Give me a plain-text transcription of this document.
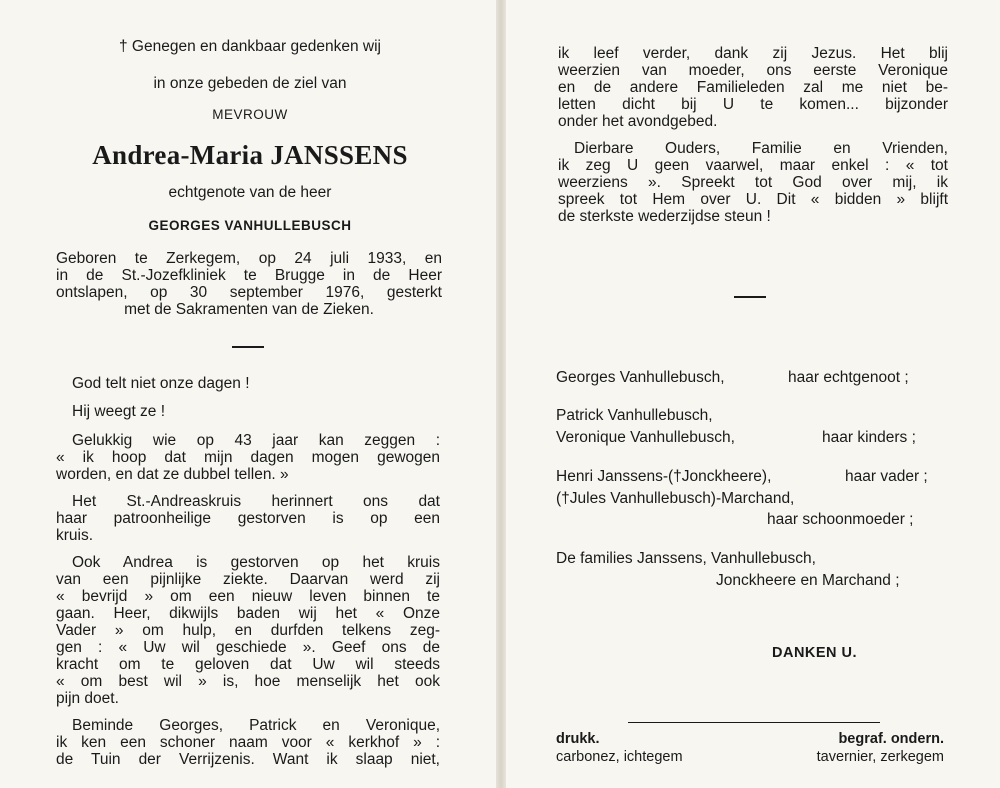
† Genegen en dankbaar gedenken wij
in onze gebeden de ziel van
MEVROUW
Andrea-Maria JANSSENS
echtgenote van de heer
GEORGES VANHULLEBUSCH
Geboren te Zerkegem, op 24 juli 1933, en
in de St.-Jozefkliniek te Brugge in de Heer
ontslapen, op 30 september 1976, gesterkt
met de Sakramenten van de Zieken.
God telt niet onze dagen !
Hij weegt ze !
Gelukkig wie op 43 jaar kan zeggen :
« ik hoop dat mijn dagen mogen gewogen
worden, en dat ze dubbel tellen. »
Het St.-Andreaskruis herinnert ons dat
haar patroonheilige gestorven is op een
kruis.
Ook Andrea is gestorven op het kruis
van een pijnlijke ziekte. Daarvan werd zij
« bevrijd » om een nieuw leven binnen te
gaan. Heer, dikwijls baden wij het « Onze
Vader » om hulp, en durfden telkens zeg-
gen : « Uw wil geschiede ». Geef ons de
kracht om te geloven dat Uw wil steeds
« om best wil » is, hoe menselijk het ook
pijn doet.
Beminde Georges, Patrick en Veronique,
ik ken een schoner naam voor « kerkhof » :
de Tuin der Verrijzenis. Want ik slaap niet,
ik leef verder, dank zij Jezus. Het blij
weerzien van moeder, ons eerste Veronique
en de andere Familieleden zal me niet be-
letten dicht bij U te komen... bijzonder
onder het avondgebed.
Dierbare Ouders, Familie en Vrienden,
ik zeg U geen vaarwel, maar enkel : « tot
weerziens ». Spreekt tot God over mij, ik
spreek tot Hem over U. Dit « bidden » blijft
de sterkste wederzijdse steun !
Georges Vanhullebusch,	haar echtgenoot ;
Patrick Vanhullebusch,
Veronique Vanhullebusch,	haar kinders ;
Henri Janssens-(†Jonckheere),	haar vader ;
(†Jules Vanhullebusch)-Marchand,
haar schoonmoeder ;
De families Janssens, Vanhullebusch,
Jonckheere en Marchand ;
DANKEN U.
drukk.
carbonez, ichtegem
begraf. ondern.
tavernier, zerkegem
